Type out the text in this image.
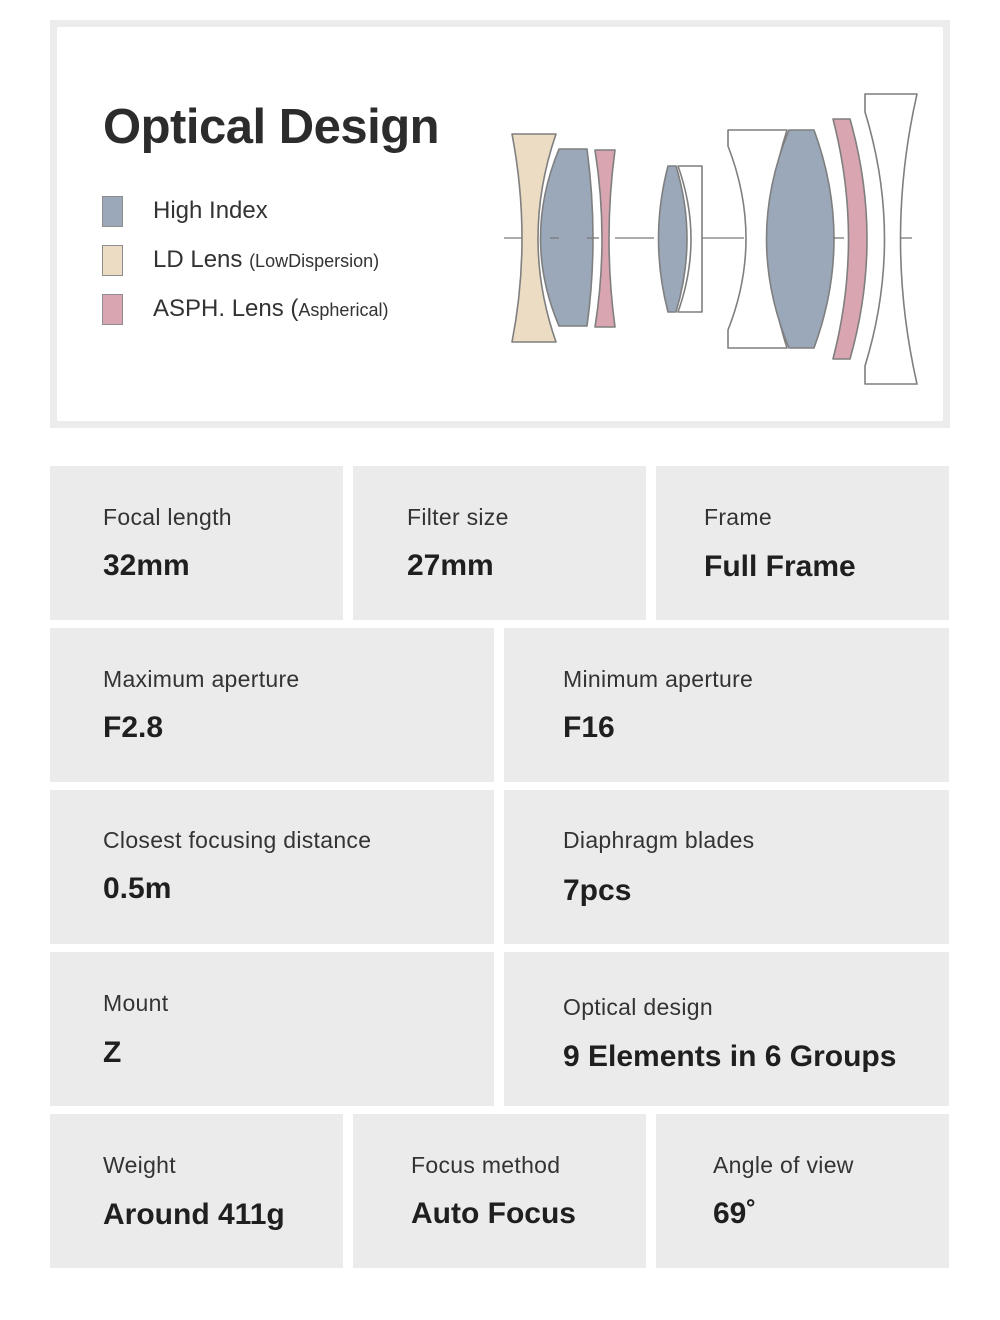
Optical Design
High Index
LD Lens (LowDispersion)
ASPH. Lens (Aspherical)
Focal length
32mm
Filter size
27mm
Frame
Full Frame
Maximum aperture
F2.8
Minimum aperture
F16
Closest focusing distance
0.5m
Diaphragm blades
7pcs
Mount
Z
Optical design
9 Elements in 6 Groups
Weight
Around 411g
Focus method
Auto Focus
Angle of view
69˚
